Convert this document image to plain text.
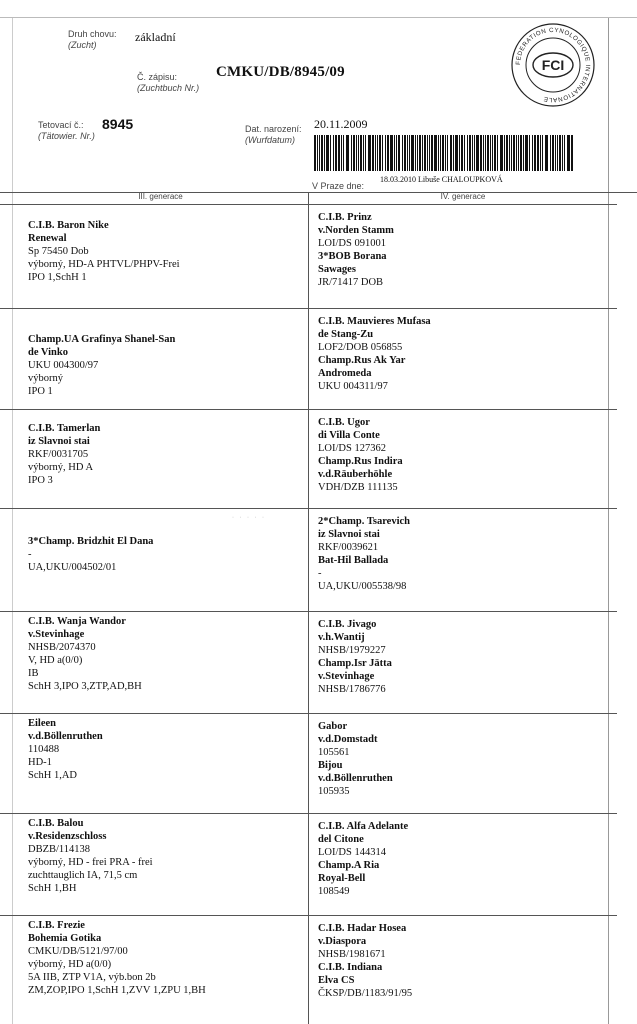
Druh chovu:
(Zucht)
základní
Č. zápisu:
(Zuchtbuch Nr.)
CMKU/DB/8945/09
Tetovací č.:
(Tätowier. Nr.)
8945	Dat. narození:
(Wurfdatum)
20.11.2009
V Praze dne:
18.03.2010 Libuše CHALOUPKOVÁ
FEDERATION CYNOLOGIQUE INTERNATIONALE
FCI
III. generace	IV. generace
C.I.B. Baron Nike
Renewal
Sp 75450 Dob
výborný, HD-A PHTVL/PHPV-Frei
IPO 1,SchH 1
Champ.UA Grafinya Shanel-San
de Vinko
UKU 004300/97
výborný
IPO 1
C.I.B. Tamerlan
iz Slavnoi stai
RKF/0031705
výborný, HD A
IPO 3
3*Champ. Bridzhit El Dana
-
UA,UKU/004502/01
C.I.B. Wanja Wandor
v.Stevinhage
NHSB/2074370
V, HD a(0/0)
IB
SchH 3,IPO 3,ZTP,AD,BH
Eileen
v.d.Böllenruthen
110488
HD-1
SchH 1,AD
C.I.B. Balou
v.Residenzschloss
DBZB/114138
výborný, HD - frei PRA - frei
zuchttauglich IA, 71,5 cm
SchH 1,BH
C.I.B. Frezie
Bohemia Gotika
CMKU/DB/5121/97/00
výborný, HD a(0/0)
5A IIB, ZTP V1A, výb.bon 2b
ZM,ZOP,IPO 1,SchH 1,ZVV 1,ZPU 1,BH
C.I.B. Prinz
v.Norden Stamm
LOI/DS 091001
3*BOB Borana
Sawages
JR/71417 DOB
C.I.B. Mauvieres Mufasa
de Stang-Zu
LOF2/DOB 056855
Champ.Rus Ak Yar
Andromeda
UKU 004311/97
C.I.B. Ugor
di Villa Conte
LOI/DS 127362
Champ.Rus Indira
v.d.Räuberhöhle
VDH/DZB 111135
2*Champ. Tsarevich
iz Slavnoi stai
RKF/0039621
Bat-Hil Ballada
-
UA,UKU/005538/98
C.I.B. Jivago
v.h.Wantij
NHSB/1979227
Champ.Isr Jätta
v.Stevinhage
NHSB/1786776
Gabor
v.d.Domstadt
105561
Bijou
v.d.Böllenruthen
105935
C.I.B. Alfa Adelante
del Citone
LOI/DS 144314
Champ.A Ria
Royal-Bell
108549
C.I.B. Hadar Hosea
v.Diaspora
NHSB/1981671
C.I.B. Indiana
Elva CS
ČKSP/DB/1183/91/95
· · · · ·
